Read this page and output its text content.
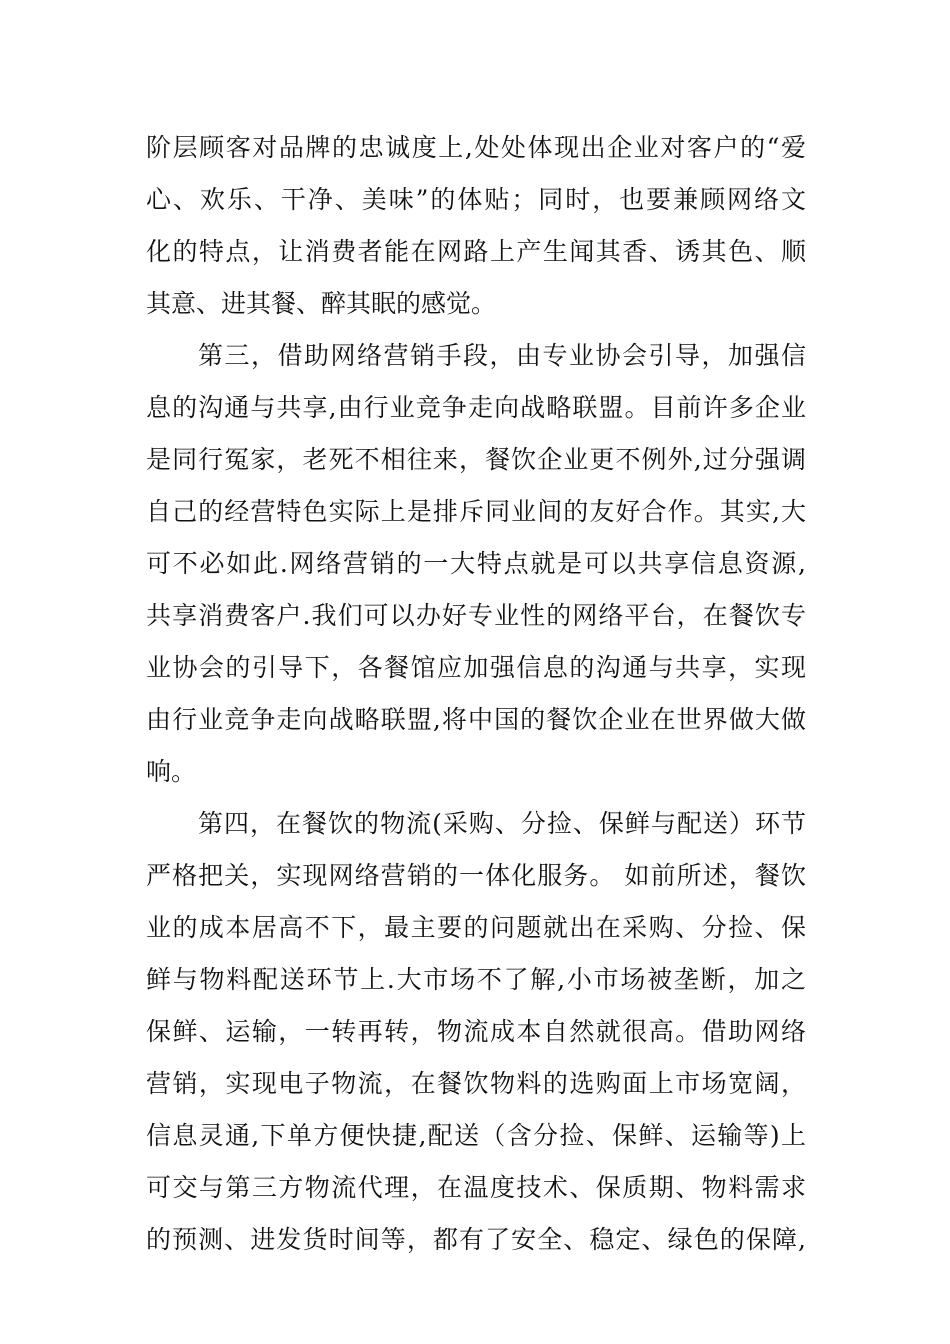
阶层顾客对品牌的忠诚度上,处处体现出企业对客户的“爱
心、欢乐、干净、美味”的体贴；同时，也要兼顾网络文
化的特点，让消费者能在网路上产生闻其香、诱其色、顺
其意、进其餐、醉其眠的感觉。
第三，借助网络营销手段，由专业协会引导，加强信
息的沟通与共享,由行业竞争走向战略联盟。目前许多企业
是同行冤家，老死不相往来，餐饮企业更不例外,过分强调
自己的经营特色实际上是排斥同业间的友好合作。其实,大
可不必如此.网络营销的一大特点就是可以共享信息资源,
共享消费客户.我们可以办好专业性的网络平台，在餐饮专
业协会的引导下，各餐馆应加强信息的沟通与共享，实现
由行业竞争走向战略联盟,将中国的餐饮企业在世界做大做
响。
第四，在餐饮的物流(采购、分捡、保鲜与配送）环节
严格把关，实现网络营销的一体化服务。 如前所述，餐饮
业的成本居高不下，最主要的问题就出在采购、分捡、保
鲜与物料配送环节上.大市场不了解,小市场被垄断，加之
保鲜、运输，一转再转，物流成本自然就很高。借助网络
营销，实现电子物流，在餐饮物料的选购面上市场宽阔，
信息灵通,下单方便快捷,配送（含分捡、保鲜、运输等)上
可交与第三方物流代理，在温度技术、保质期、物料需求
的预测、进发货时间等，都有了安全、稳定、绿色的保障,
